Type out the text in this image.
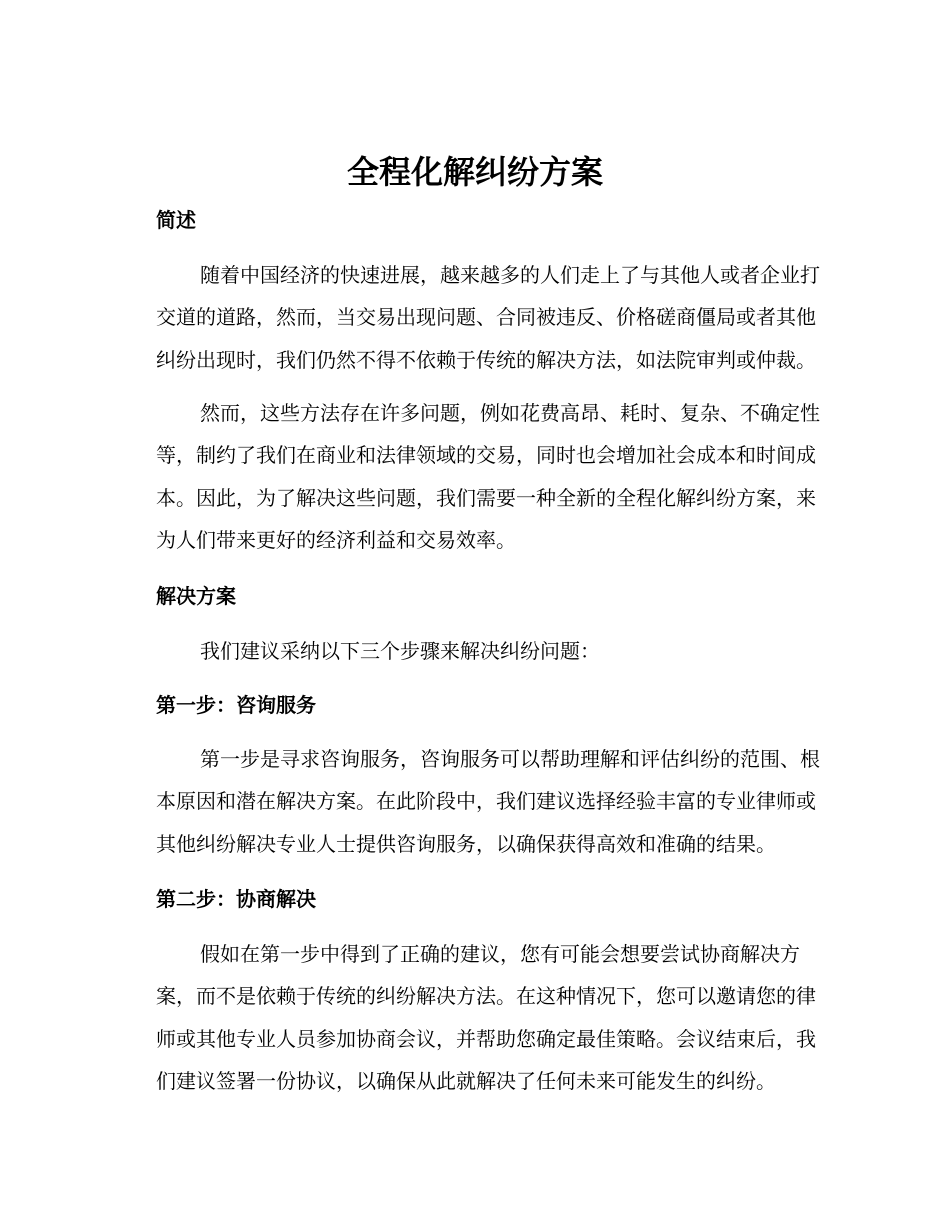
全程化解纠纷方案
简述
随着中国经济的快速进展，越来越多的人们走上了与其他人或者企业打
交道的道路，然而，当交易出现问题、合同被违反、价格磋商僵局或者其他
纠纷出现时，我们仍然不得不依赖于传统的解决方法，如法院审判或仲裁。
然而，这些方法存在许多问题，例如花费高昂、耗时、复杂、不确定性
等，制约了我们在商业和法律领域的交易，同时也会增加社会成本和时间成
本。因此，为了解决这些问题，我们需要一种全新的全程化解纠纷方案，来
为人们带来更好的经济利益和交易效率。
解决方案
我们建议采纳以下三个步骤来解决纠纷问题：
第一步：咨询服务
第一步是寻求咨询服务，咨询服务可以帮助理解和评估纠纷的范围、根
本原因和潜在解决方案。在此阶段中，我们建议选择经验丰富的专业律师或
其他纠纷解决专业人士提供咨询服务，以确保获得高效和准确的结果。
第二步：协商解决
假如在第一步中得到了正确的建议，您有可能会想要尝试协商解决方
案，而不是依赖于传统的纠纷解决方法。在这种情况下，您可以邀请您的律
师或其他专业人员参加协商会议，并帮助您确定最佳策略。会议结束后，我
们建议签署一份协议，以确保从此就解决了任何未来可能发生的纠纷。
